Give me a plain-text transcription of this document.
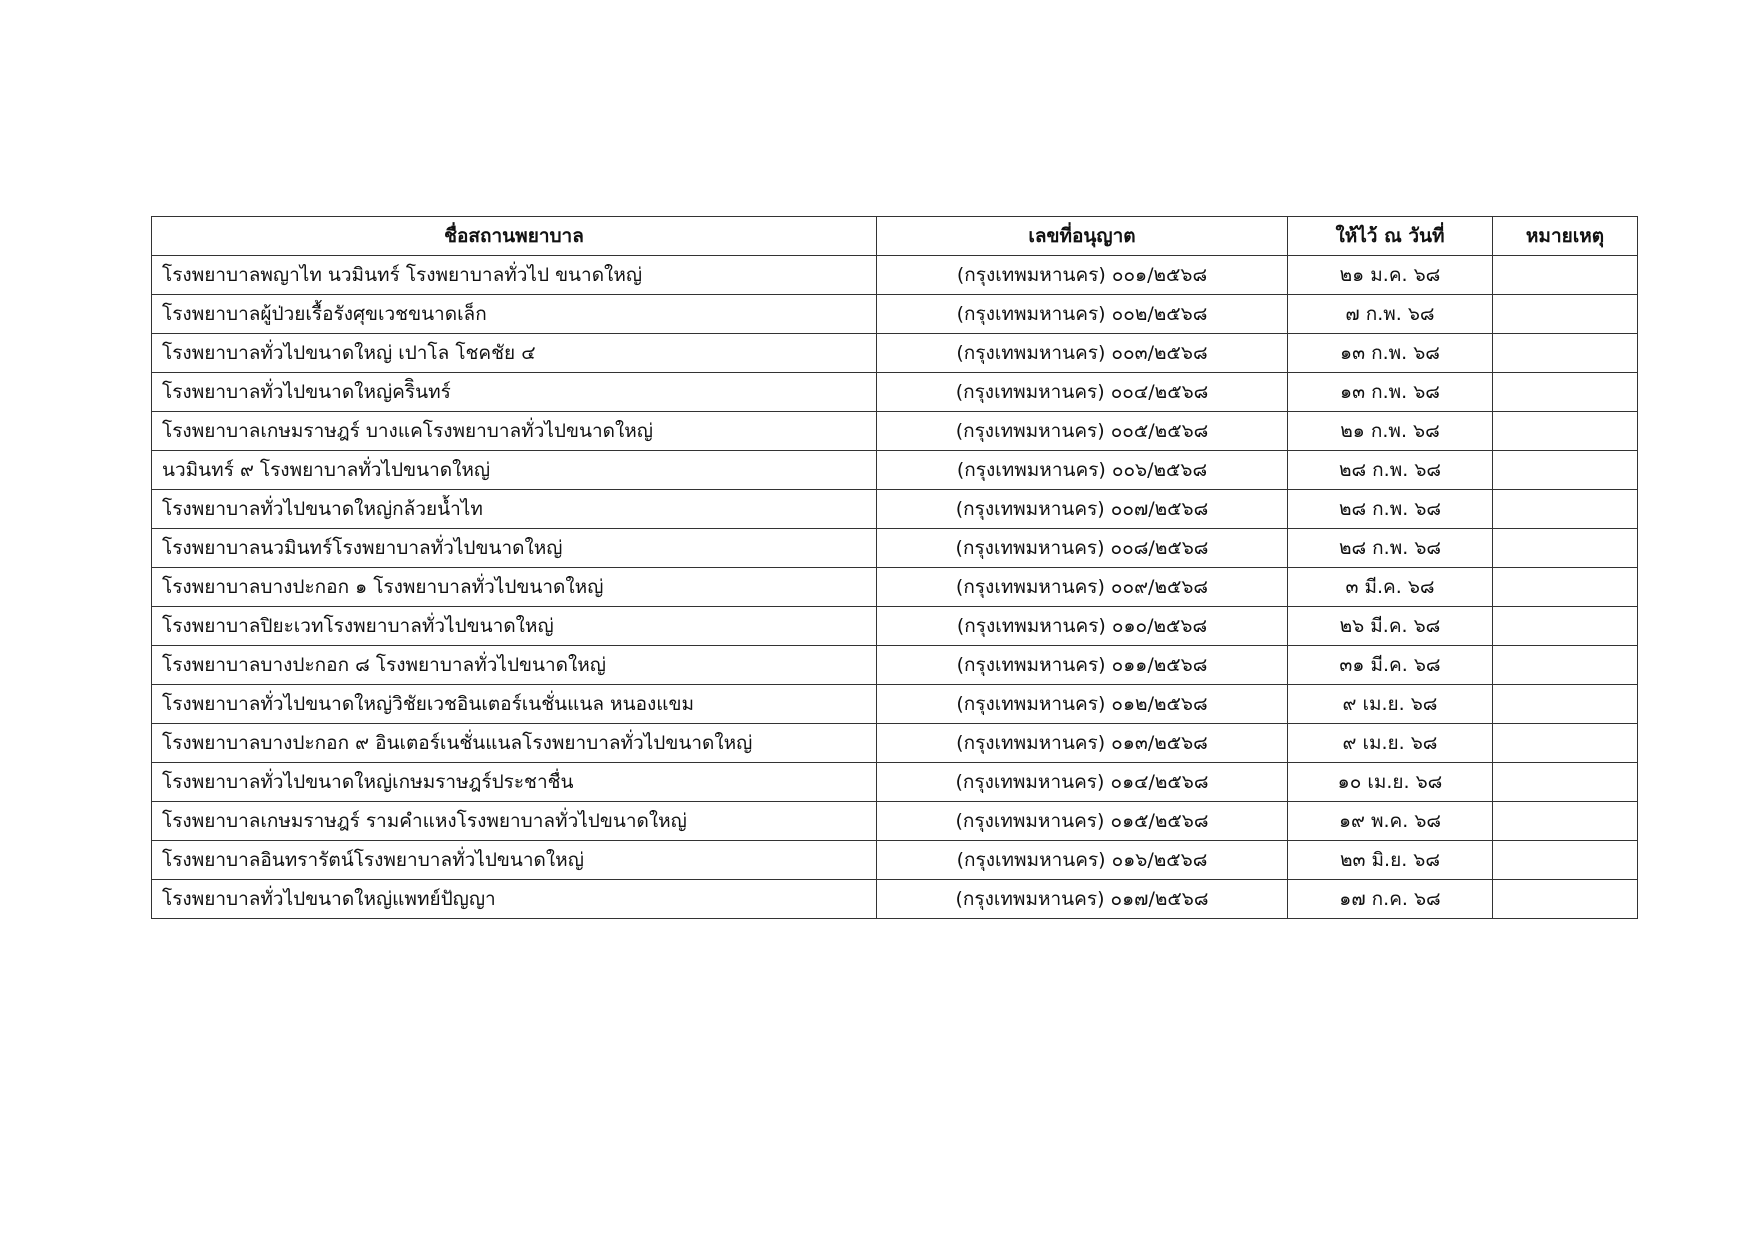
ชื่อสถานพยาบาล	เลขที่อนุญาต	ให้ไว้ ณ วันที่	หมายเหตุ
โรงพยาบาลพญาไท นวมินทร์ โรงพยาบาลทั่วไป ขนาดใหญ่	(กรุงเทพมหานคร) ๐๐๑/๒๕๖๘	๒๑ ม.ค. ๖๘	
โรงพยาบาลผู้ป่วยเรื้อรังศุขเวชขนาดเล็ก	(กรุงเทพมหานคร) ๐๐๒/๒๕๖๘	๗ ก.พ. ๖๘	
โรงพยาบาลทั่วไปขนาดใหญ่ เปาโล โชคชัย ๔	(กรุงเทพมหานคร) ๐๐๓/๒๕๖๘	๑๓ ก.พ. ๖๘	
โรงพยาบาลทั่วไปขนาดใหญ่คริินทร์	(กรุงเทพมหานคร) ๐๐๔/๒๕๖๘	๑๓ ก.พ. ๖๘	
โรงพยาบาลเกษมราษฎร์ บางแคโรงพยาบาลทั่วไปขนาดใหญ่	(กรุงเทพมหานคร) ๐๐๕/๒๕๖๘	๒๑ ก.พ. ๖๘	
นวมินทร์ ๙ โรงพยาบาลทั่วไปขนาดใหญ่	(กรุงเทพมหานคร) ๐๐๖/๒๕๖๘	๒๘ ก.พ. ๖๘	
โรงพยาบาลทั่วไปขนาดใหญ่กล้วยน้ำไท	(กรุงเทพมหานคร) ๐๐๗/๒๕๖๘	๒๘ ก.พ. ๖๘	
โรงพยาบาลนวมินทร์โรงพยาบาลทั่วไปขนาดใหญ่	(กรุงเทพมหานคร) ๐๐๘/๒๕๖๘	๒๘ ก.พ. ๖๘	
โรงพยาบาลบางปะกอก ๑ โรงพยาบาลทั่วไปขนาดใหญ่	(กรุงเทพมหานคร) ๐๐๙/๒๕๖๘	๓ มี.ค. ๖๘	
โรงพยาบาลปิยะเวทโรงพยาบาลทั่วไปขนาดใหญ่	(กรุงเทพมหานคร) ๐๑๐/๒๕๖๘	๒๖ มี.ค. ๖๘	
โรงพยาบาลบางปะกอก ๘ โรงพยาบาลทั่วไปขนาดใหญ่	(กรุงเทพมหานคร) ๐๑๑/๒๕๖๘	๓๑ มี.ค. ๖๘	
โรงพยาบาลทั่วไปขนาดใหญ่วิชัยเวชอินเตอร์เนชั่นแนล หนองแขม	(กรุงเทพมหานคร) ๐๑๒/๒๕๖๘	๙ เม.ย. ๖๘	
โรงพยาบาลบางปะกอก ๙ อินเตอร์เนชั่นแนลโรงพยาบาลทั่วไปขนาดใหญ่	(กรุงเทพมหานคร) ๐๑๓/๒๕๖๘	๙ เม.ย. ๖๘	
โรงพยาบาลทั่วไปขนาดใหญ่เกษมราษฎร์ประชาชื่น	(กรุงเทพมหานคร) ๐๑๔/๒๕๖๘	๑๐ เม.ย. ๖๘	
โรงพยาบาลเกษมราษฎร์ รามคำแหงโรงพยาบาลทั่วไปขนาดใหญ่	(กรุงเทพมหานคร) ๐๑๕/๒๕๖๘	๑๙ พ.ค. ๖๘	
โรงพยาบาลอินทรารัตน์โรงพยาบาลทั่วไปขนาดใหญ่	(กรุงเทพมหานคร) ๐๑๖/๒๕๖๘	๒๓ มิ.ย. ๖๘	
โรงพยาบาลทั่วไปขนาดใหญ่แพทย์ปัญญา	(กรุงเทพมหานคร) ๐๑๗/๒๕๖๘	๑๗ ก.ค. ๖๘	
